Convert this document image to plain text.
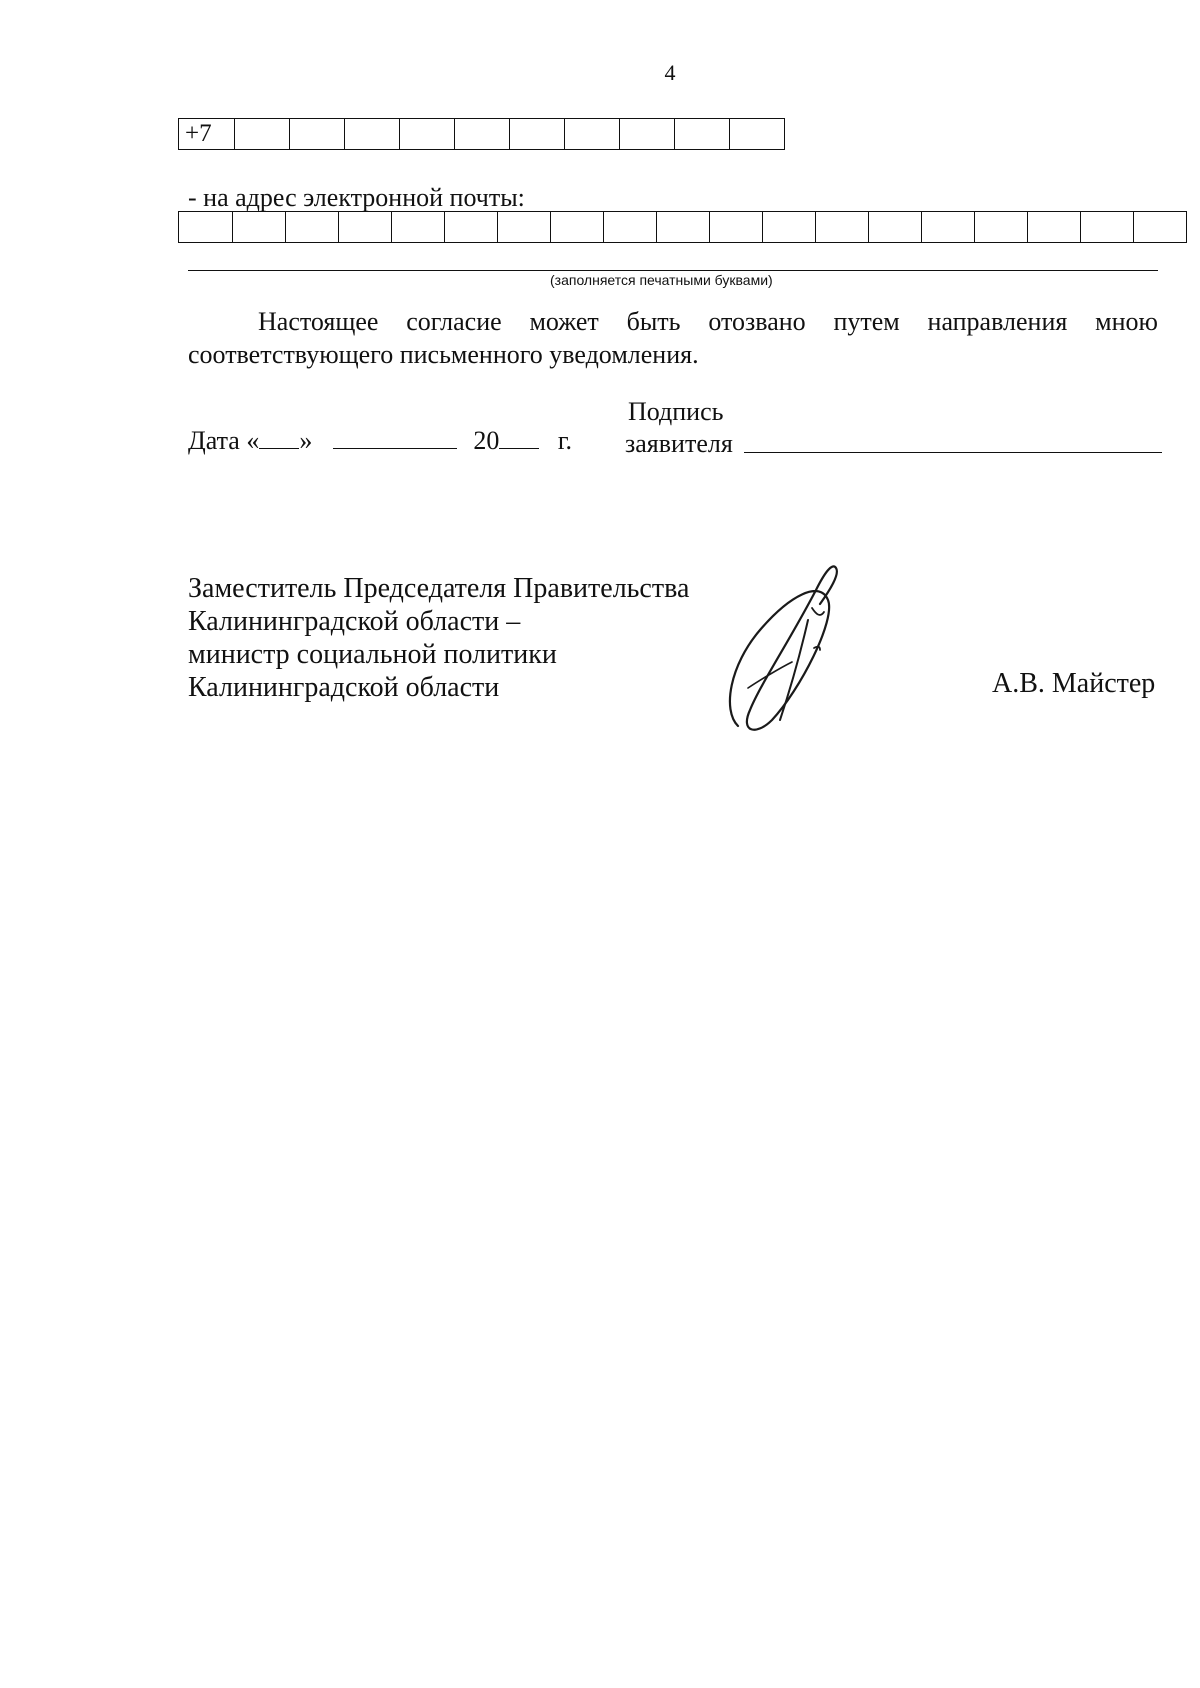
4
+7
- на адрес электронной почты:
(заполняется печатными буквами)
Настоящее согласие может быть отозвано путем направления мною
соответствующего письменного уведомления.
Дата « »	20 г.
Подпись
заявителя
Заместитель Председателя Правительства
Калининградской области –
министр социальной политики
Калининградской области	А.В. Майстер
